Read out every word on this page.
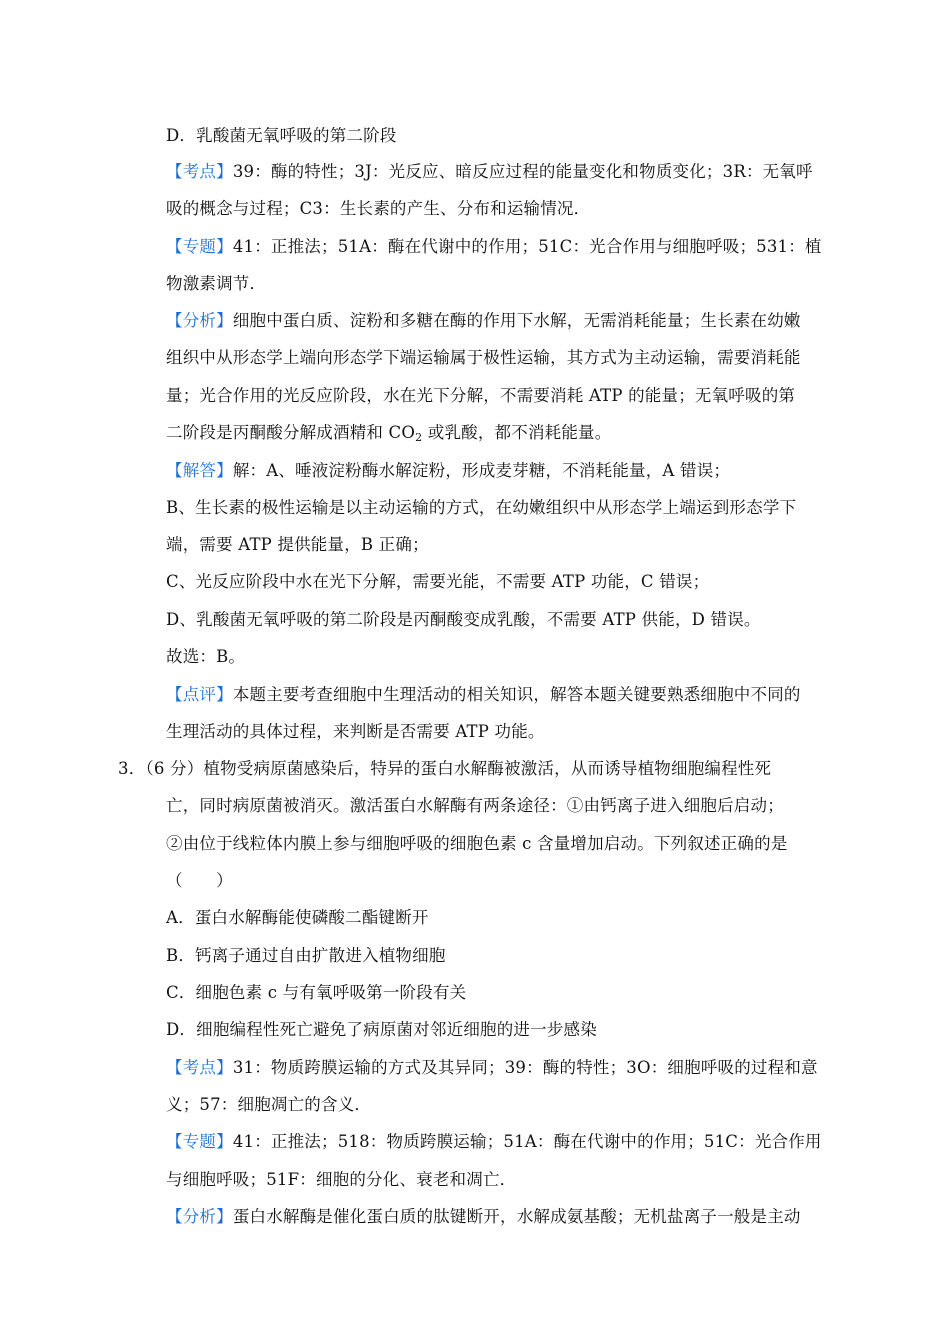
D．乳酸菌无氧呼吸的第二阶段
【考点】39：酶的特性；3J：光反应、暗反应过程的能量变化和物质变化；3R：无氧呼
吸的概念与过程；C3：生长素的产生、分布和运输情况．
【专题】41：正推法；51A：酶在代谢中的作用；51C：光合作用与细胞呼吸；531：植
物激素调节．
【分析】细胞中蛋白质、淀粉和多糖在酶的作用下水解，无需消耗能量；生长素在幼嫩
组织中从形态学上端向形态学下端运输属于极性运输，其方式为主动运输，需要消耗能
量；光合作用的光反应阶段，水在光下分解，不需要消耗 ATP 的能量；无氧呼吸的第
二阶段是丙酮酸分解成酒精和 $CO_2$ 或乳酸，都不消耗能量。
【解答】解：A、唾液淀粉酶水解淀粉，形成麦芽糖，不消耗能量，A 错误；
B、生长素的极性运输是以主动运输的方式，在幼嫩组织中从形态学上端运到形态学下
端，需要 ATP 提供能量，B 正确；
C、光反应阶段中水在光下分解，需要光能，不需要 ATP 功能，C 错误；
D、乳酸菌无氧呼吸的第二阶段是丙酮酸变成乳酸，不需要 ATP 供能，D 错误。
故选：B。
【点评】本题主要考查细胞中生理活动的相关知识，解答本题关键要熟悉细胞中不同的
生理活动的具体过程，来判断是否需要 ATP 功能。
3．（6 分）植物受病原菌感染后，特异的蛋白水解酶被激活，从而诱导植物细胞编程性死
亡，同时病原菌被消灭。激活蛋白水解酶有两条途径：①由钙离子进入细胞后启动；
②由位于线粒体内膜上参与细胞呼吸的细胞色素 c 含量增加启动。下列叙述正确的是
（　　）
A．蛋白水解酶能使磷酸二酯键断开
B．钙离子通过自由扩散进入植物细胞
C．细胞色素 c 与有氧呼吸第一阶段有关
D．细胞编程性死亡避免了病原菌对邻近细胞的进一步感染
【考点】31：物质跨膜运输的方式及其异同；39：酶的特性；3O：细胞呼吸的过程和意
义；57：细胞凋亡的含义．
【专题】41：正推法；518：物质跨膜运输；51A：酶在代谢中的作用；51C：光合作用
与细胞呼吸；51F：细胞的分化、衰老和凋亡．
【分析】蛋白水解酶是催化蛋白质的肽键断开，水解成氨基酸；无机盐离子一般是主动
